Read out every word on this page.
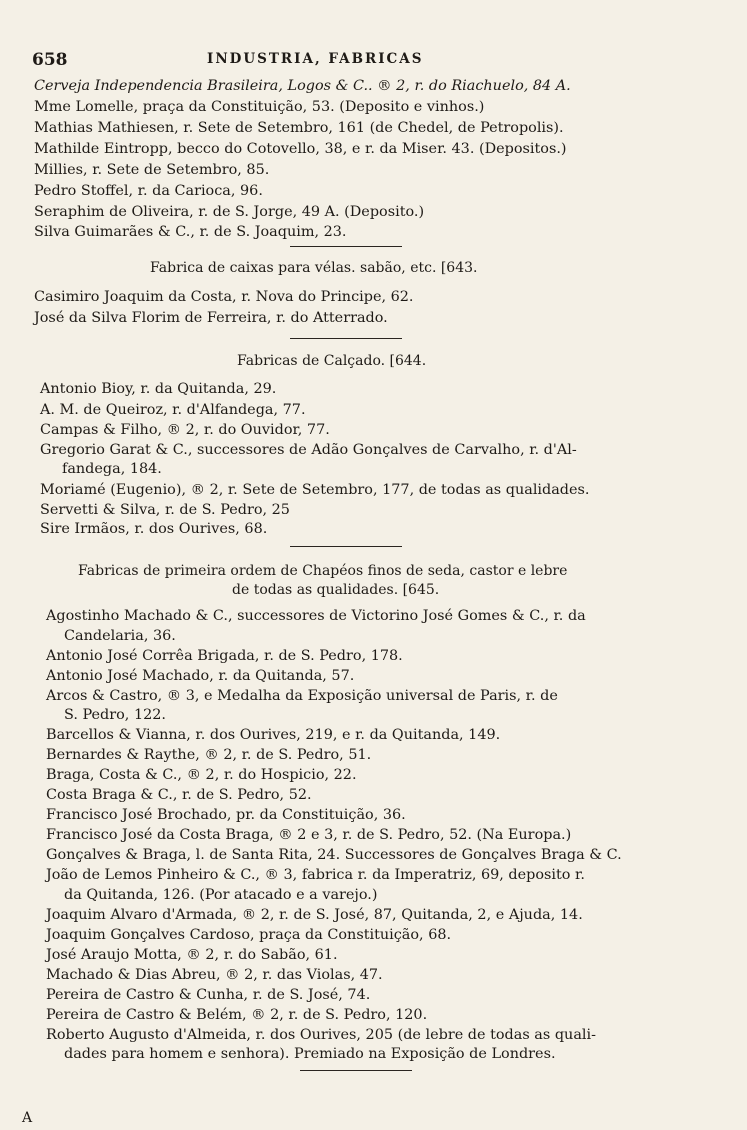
658	INDUSTRIA, FABRICAS
Cerveja Independencia Brasileira, Logos & C.. ® 2, r. do Riachuelo, 84 A.
Mme Lomelle, praça da Constituição, 53. (Deposito e vinhos.)
Mathias Mathiesen, r. Sete de Setembro, 161 (de Chedel, de Petropolis).
Mathilde Eintropp, becco do Cotovello, 38, e r. da Miser. 43. (Depositos.)
Millies, r. Sete de Setembro, 85.
Pedro Stoffel, r. da Carioca, 96.
Seraphim de Oliveira, r. de S. Jorge, 49 A. (Deposito.)
Silva Guimarães & C., r. de S. Joaquim, 23.
Fabrica de caixas para vélas. sabão, etc. [643.
Casimiro Joaquim da Costa, r. Nova do Principe, 62.
José da Silva Florim de Ferreira, r. do Atterrado.
Fabricas de Calçado. [644.
Antonio Bioy, r. da Quitanda, 29.
A. M. de Queiroz, r. d'Alfandega, 77.
Campas & Filho, ® 2, r. do Ouvidor, 77.
Gregorio Garat & C., successores de Adão Gonçalves de Carvalho, r. d'Al-
fandega, 184.
Moriamé (Eugenio), ® 2, r. Sete de Setembro, 177, de todas as qualidades.
Servetti & Silva, r. de S. Pedro, 25
Sire Irmãos, r. dos Ourives, 68.
Fabricas de primeira ordem de Chapéos finos de seda, castor e lebre
de todas as qualidades. [645.
Agostinho Machado & C., successores de Victorino José Gomes & C., r. da
Candelaria, 36.
Antonio José Corrêa Brigada, r. de S. Pedro, 178.
Antonio José Machado, r. da Quitanda, 57.
Arcos & Castro, ® 3, e Medalha da Exposição universal de Paris, r. de
S. Pedro, 122.
Barcellos & Vianna, r. dos Ourives, 219, e r. da Quitanda, 149.
Bernardes & Raythe, ® 2, r. de S. Pedro, 51.
Braga, Costa & C., ® 2, r. do Hospicio, 22.
Costa Braga & C., r. de S. Pedro, 52.
Francisco José Brochado, pr. da Constituição, 36.
Francisco José da Costa Braga, ® 2 e 3, r. de S. Pedro, 52. (Na Europa.)
Gonçalves & Braga, l. de Santa Rita, 24. Successores de Gonçalves Braga & C.
João de Lemos Pinheiro & C., ® 3, fabrica r. da Imperatriz, 69, deposito r.
da Quitanda, 126. (Por atacado e a varejo.)
Joaquim Alvaro d'Armada, ® 2, r. de S. José, 87, Quitanda, 2, e Ajuda, 14.
Joaquim Gonçalves Cardoso, praça da Constituição, 68.
José Araujo Motta, ® 2, r. do Sabão, 61.
Machado & Dias Abreu, ® 2, r. das Violas, 47.
Pereira de Castro & Cunha, r. de S. José, 74.
Pereira de Castro & Belém, ® 2, r. de S. Pedro, 120.
Roberto Augusto d'Almeida, r. dos Ourives, 205 (de lebre de todas as quali-
dades para homem e senhora). Premiado na Exposição de Londres.
A
